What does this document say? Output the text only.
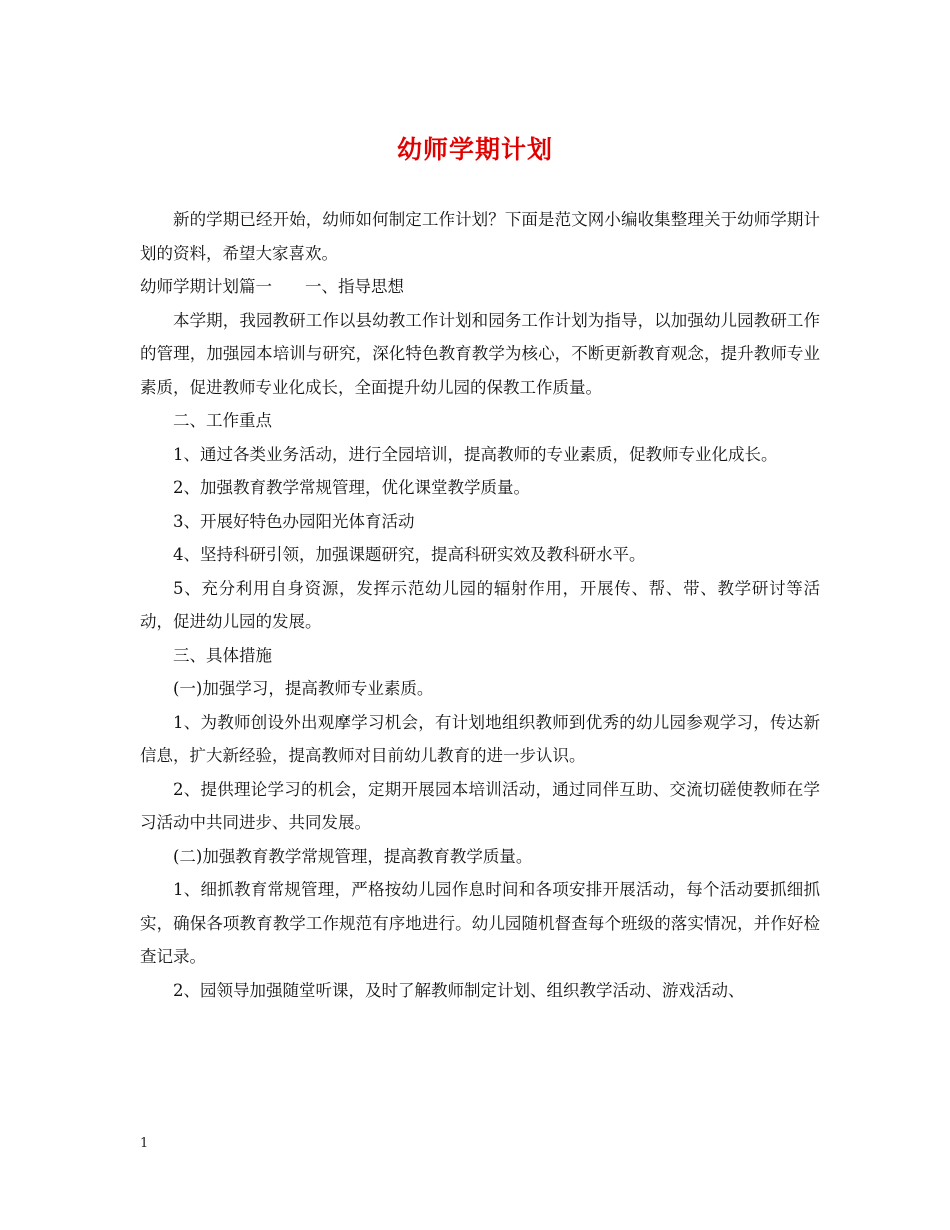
幼师学期计划

新的学期已经开始，幼师如何制定工作计划？下面是范文网小编收集整理关于幼师学期计划的资料，希望大家喜欢。

幼师学期计划篇一　　一、指导思想

本学期，我园教研工作以县幼教工作计划和园务工作计划为指导，以加强幼儿园教研工作的管理，加强园本培训与研究，深化特色教育教学为核心，不断更新教育观念，提升教师专业素质，促进教师专业化成长，全面提升幼儿园的保教工作质量。

二、工作重点

1、通过各类业务活动，进行全园培训，提高教师的专业素质，促教师专业化成长。

2、加强教育教学常规管理，优化课堂教学质量。

3、开展好特色办园阳光体育活动

4、坚持科研引领，加强课题研究，提高科研实效及教科研水平。

5、充分利用自身资源，发挥示范幼儿园的辐射作用，开展传、帮、带、教学研讨等活动，促进幼儿园的发展。

三、具体措施

(一)加强学习，提高教师专业素质。

1、为教师创设外出观摩学习机会，有计划地组织教师到优秀的幼儿园参观学习，传达新信息，扩大新经验，提高教师对目前幼儿教育的进一步认识。

2、提供理论学习的机会，定期开展园本培训活动，通过同伴互助、交流切磋使教师在学习活动中共同进步、共同发展。

(二)加强教育教学常规管理，提高教育教学质量。

1、细抓教育常规管理，严格按幼儿园作息时间和各项安排开展活动，每个活动要抓细抓实，确保各项教育教学工作规范有序地进行。幼儿园随机督查每个班级的落实情况，并作好检查记录。

2、园领导加强随堂听课，及时了解教师制定计划、组织教学活动、游戏活动、

1
